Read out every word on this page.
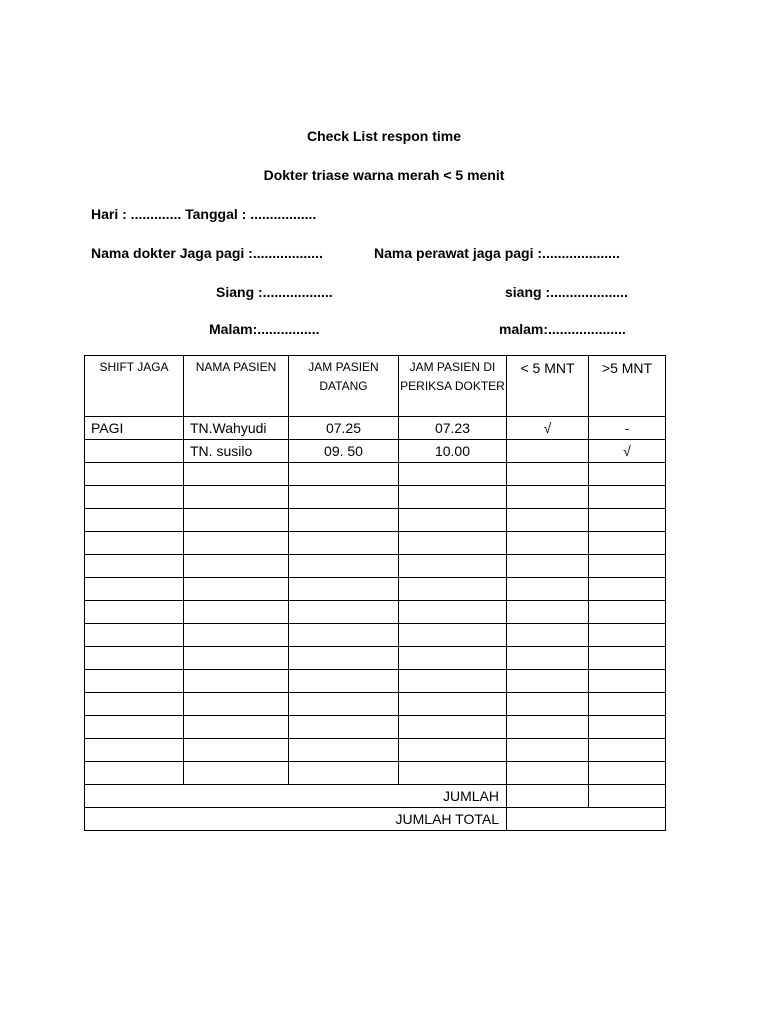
Check List respon time
Dokter triase warna merah < 5 menit
Hari : ............. Tanggal : .................
Nama dokter Jaga pagi :..................	Nama perawat jaga pagi :....................
Siang :..................	siang :....................
Malam:................	malam:....................
SHIFT JAGA	NAMA PASIEN	JAM PASIEN DATANG	JAM PASIEN DI PERIKSA DOKTER	< 5 MNT	>5 MNT
PAGI	TN.Wahyudi	07.25	07.23	√	-
	TN. susilo	09. 50	10.00		√

JUMLAH					
JUMLAH TOTAL					
